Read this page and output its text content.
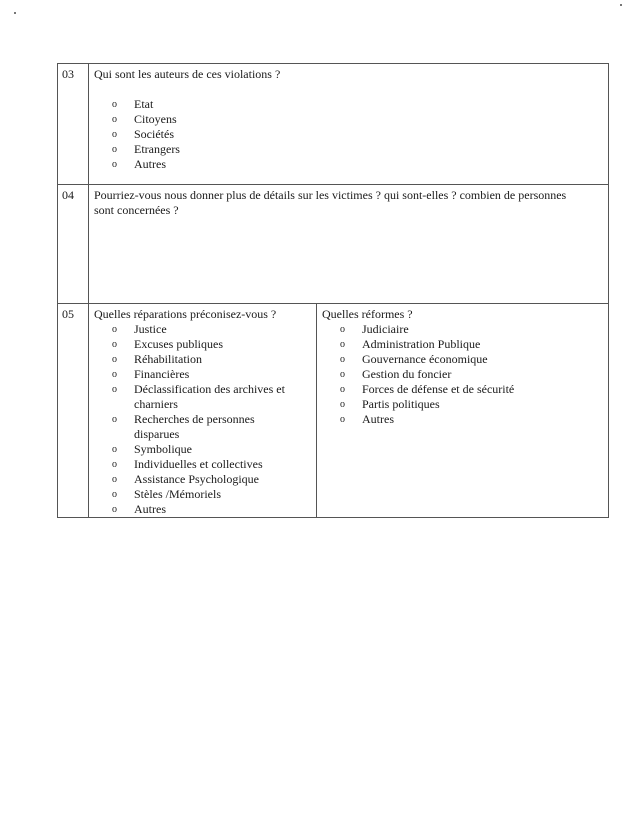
03	Qui sont les auteurs de ces violations ?
o	Etat
o	Citoyens
o	Sociétés
o	Etrangers
o	Autres
04	Pourriez-vous nous donner plus de détails sur les victimes ? qui sont-elles ? combien de personnes sont concernées ?
05	Quelles réparations préconisez-vous ?
o	Justice
o	Excuses publiques
o	Réhabilitation
o	Financières
o	Déclassification des archives et charniers
o	Recherches de personnes disparues
o	Symbolique
o	Individuelles et collectives
o	Assistance Psychologique
o	Stèles /Mémoriels
o	Autres
Quelles réformes ?
o	Judiciaire
o	Administration Publique
o	Gouvernance économique
o	Gestion du foncier
o	Forces de défense et de sécurité
o	Partis politiques
o	Autres
